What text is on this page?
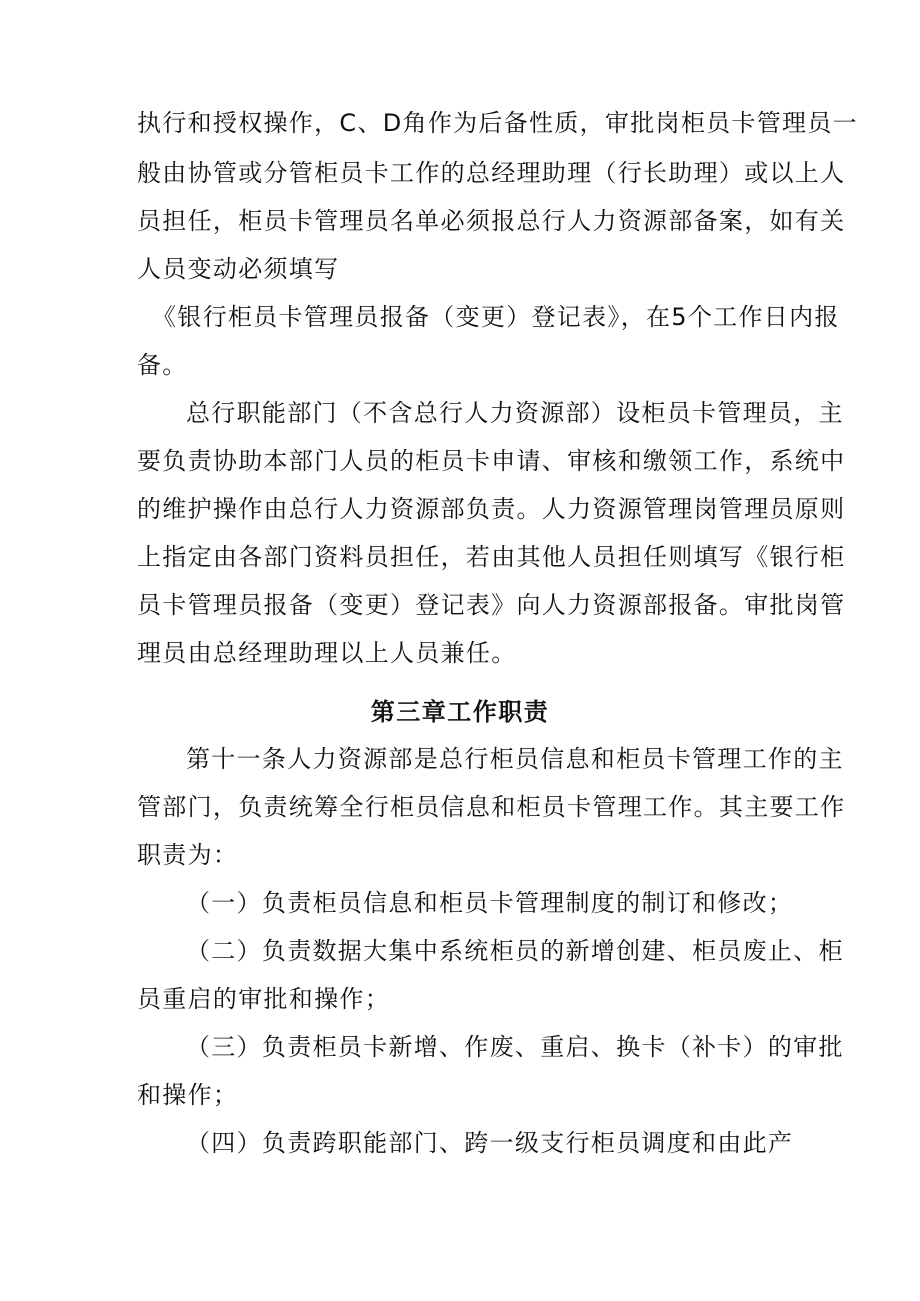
执行和授权操作，C、D角作为后备性质，审批岗柜员卡管理员一
般由协管或分管柜员卡工作的总经理助理（行长助理）或以上人
员担任，柜员卡管理员名单必须报总行人力资源部备案，如有关
人员变动必须填写
《银行柜员卡管理员报备（变更）登记表》，在5个工作日内报
备。
总行职能部门（不含总行人力资源部）设柜员卡管理员，主
要负责协助本部门人员的柜员卡申请、审核和缴领工作，系统中
的维护操作由总行人力资源部负责。人力资源管理岗管理员原则
上指定由各部门资料员担任，若由其他人员担任则填写《银行柜
员卡管理员报备（变更）登记表》向人力资源部报备。审批岗管
理员由总经理助理以上人员兼任。
第三章工作职责
第十一条人力资源部是总行柜员信息和柜员卡管理工作的主
管部门，负责统筹全行柜员信息和柜员卡管理工作。其主要工作
职责为：
（一）负责柜员信息和柜员卡管理制度的制订和修改；
（二）负责数据大集中系统柜员的新增创建、柜员废止、柜
员重启的审批和操作；
（三）负责柜员卡新增、作废、重启、换卡（补卡）的审批
和操作；
（四）负责跨职能部门、跨一级支行柜员调度和由此产
